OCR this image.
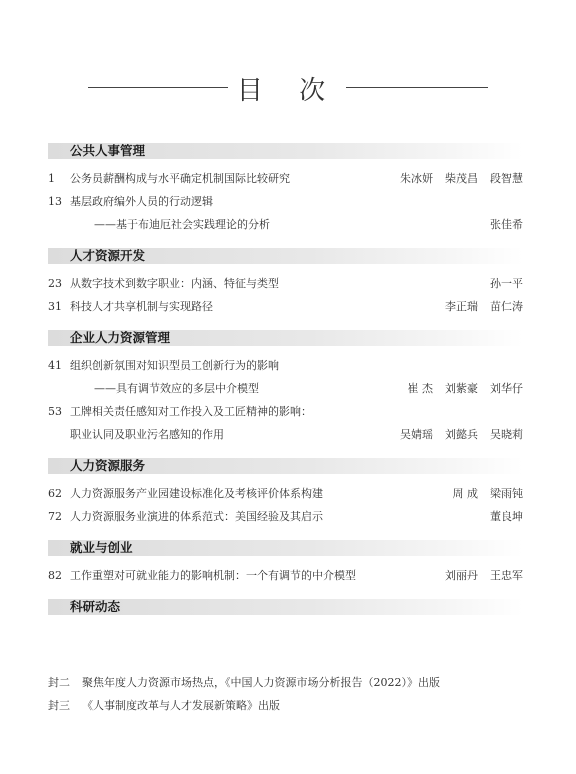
目 次
公共人事管理
1	公务员薪酬构成与水平确定机制国际比较研究	朱冰妍 柴茂昌 段智慧
13 基层政府编外人员的行动逻辑
——基于布迪厄社会实践理论的分析	张佳希
人才资源开发
23 从数字技术到数字职业：内涵、特征与类型	孙一平
31 科技人才共享机制与实现路径	李正瑞 苗仁涛
企业人力资源管理
41 组织创新氛围对知识型员工创新行为的影响
——具有调节效应的多层中介模型	崔 杰 刘紫豪 刘华仔
53 工牌相关责任感知对工作投入及工匠精神的影响：
职业认同及职业污名感知的作用	吴婧瑶 刘懿兵 吴晓莉
人力资源服务
62 人力资源服务产业园建设标准化及考核评价体系构建	周 成 梁雨钝
72 人力资源服务业演进的体系范式：美国经验及其启示	董良坤
就业与创业
82 工作重塑对可就业能力的影响机制：一个有调节的中介模型	刘丽丹 王忠军
科研动态
封二 聚焦年度人力资源市场热点，《中国人力资源市场分析报告（2022）》出版
封三 《人事制度改革与人才发展新策略》出版
